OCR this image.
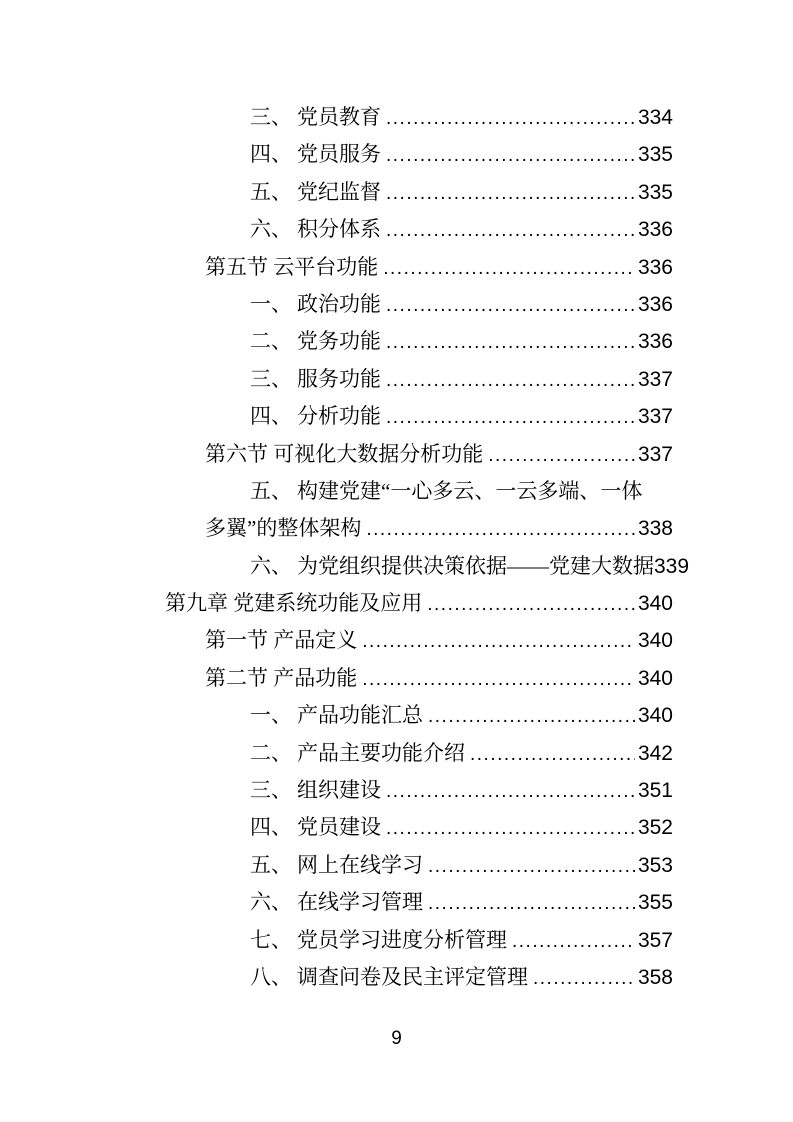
三、 党员教育 .....	334
四、 党员服务 .....	335
五、 党纪监督 .....	335
六、 积分体系 .....	336
第五节 云平台功能 .....	336
一、 政治功能 .....	336
二、 党务功能 .....	336
三、 服务功能 .....	337
四、 分析功能 .....	337
第六节 可视化大数据分析功能 .....	337
五、 构建党建“一心多云、一云多端、一体
多翼”的整体架构 .....	338
六、 为党组织提供决策依据——党建大数据 339
第九章 党建系统功能及应用 .....	340
第一节 产品定义 .....	340
第二节 产品功能 .....	340
一、 产品功能汇总 .....	340
二、 产品主要功能介绍 .....	342
三、 组织建设 .....	351
四、 党员建设 .....	352
五、 网上在线学习 .....	353
六、 在线学习管理 .....	355
七、 党员学习进度分析管理 .....	357
八、 调查问卷及民主评定管理 .....	358
9
